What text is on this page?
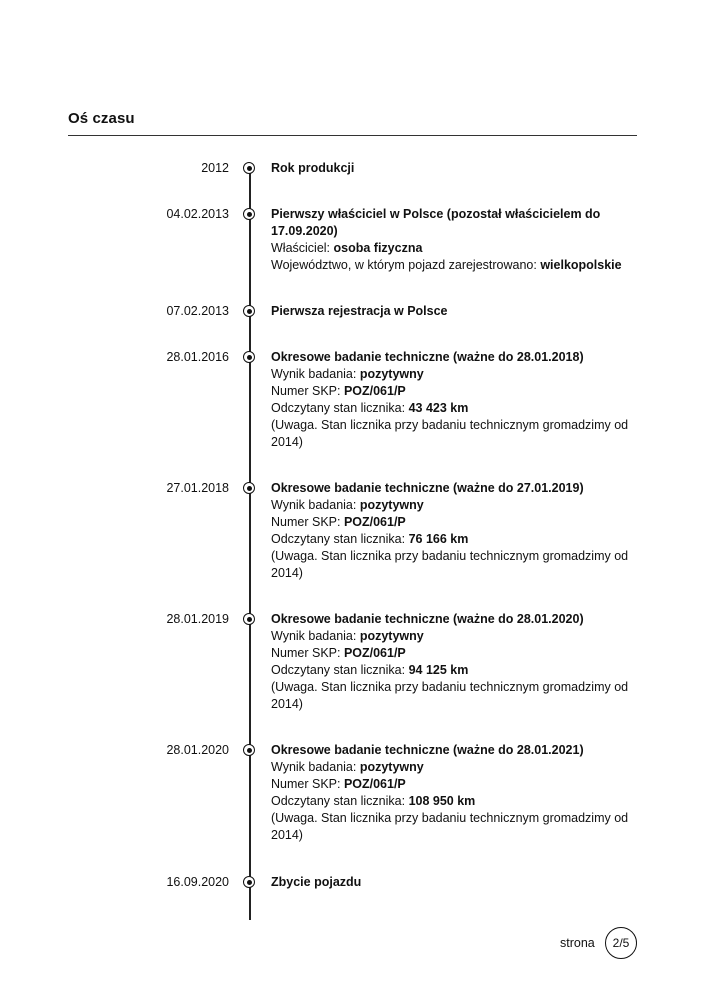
Oś czasu
2012	Rok produkcji
04.02.2013	Pierwszy właściciel w Polsce (pozostał właścicielem do 17.09.2020)
Właściciel: osoba fizyczna
Województwo, w którym pojazd zarejestrowano: wielkopolskie
07.02.2013	Pierwsza rejestracja w Polsce
28.01.2016	Okresowe badanie techniczne (ważne do 28.01.2018)
Wynik badania: pozytywny
Numer SKP: POZ/061/P
Odczytany stan licznika: 43 423 km
(Uwaga. Stan licznika przy badaniu technicznym gromadzimy od 2014)
27.01.2018	Okresowe badanie techniczne (ważne do 27.01.2019)
Wynik badania: pozytywny
Numer SKP: POZ/061/P
Odczytany stan licznika: 76 166 km
(Uwaga. Stan licznika przy badaniu technicznym gromadzimy od 2014)
28.01.2019	Okresowe badanie techniczne (ważne do 28.01.2020)
Wynik badania: pozytywny
Numer SKP: POZ/061/P
Odczytany stan licznika: 94 125 km
(Uwaga. Stan licznika przy badaniu technicznym gromadzimy od 2014)
28.01.2020	Okresowe badanie techniczne (ważne do 28.01.2021)
Wynik badania: pozytywny
Numer SKP: POZ/061/P
Odczytany stan licznika: 108 950 km
(Uwaga. Stan licznika przy badaniu technicznym gromadzimy od 2014)
16.09.2020	Zbycie pojazdu
strona	2/5
